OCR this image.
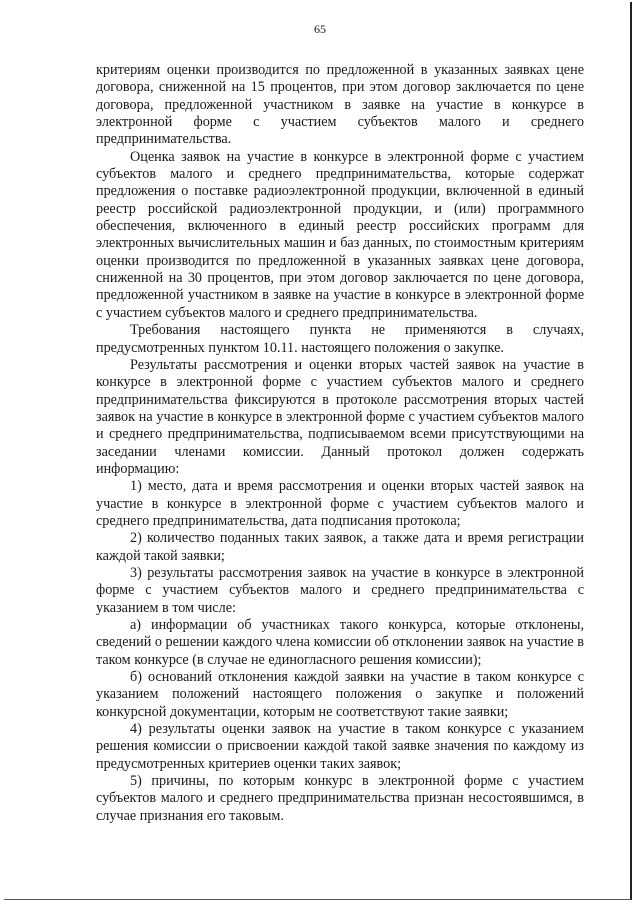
65

критериям оценки производится по предложенной в указанных заявках цене договора, сниженной на 15 процентов, при этом договор заключается по цене договора, предложенной участником в заявке на участие в конкурсе в электронной форме с участием субъектов малого и среднего предпринимательства.

Оценка заявок на участие в конкурсе в электронной форме с участием субъектов малого и среднего предпринимательства, которые содержат предложения о поставке радиоэлектронной продукции, включенной в единый реестр российской радиоэлектронной продукции, и (или) программного обеспечения, включенного в единый реестр российских программ для электронных вычислительных машин и баз данных, по стоимостным критериям оценки производится по предложенной в указанных заявках цене договора, сниженной на 30 процентов, при этом договор заключается по цене договора, предложенной участником в заявке на участие в конкурсе в электронной форме с участием субъектов малого и среднего предпринимательства.

Требования настоящего пункта не применяются в случаях, предусмотренных пунктом 10.11. настоящего положения о закупке.

Результаты рассмотрения и оценки вторых частей заявок на участие в конкурсе в электронной форме с участием субъектов малого и среднего предпринимательства фиксируются в протоколе рассмотрения вторых частей заявок на участие в конкурсе в электронной форме с участием субъектов малого и среднего предпринимательства, подписываемом всеми присутствующими на заседании членами комиссии. Данный протокол должен содержать информацию:

1) место, дата и время рассмотрения и оценки вторых частей заявок на участие в конкурсе в электронной форме с участием субъектов малого и среднего предпринимательства, дата подписания протокола;

2) количество поданных таких заявок, а также дата и время регистрации каждой такой заявки;

3) результаты рассмотрения заявок на участие в конкурсе в электронной форме с участием субъектов малого и среднего предпринимательства с указанием в том числе:

а) информации об участниках такого конкурса, которые отклонены, сведений о решении каждого члена комиссии об отклонении заявок на участие в таком конкурсе (в случае не единогласного решения комиссии);

б) оснований отклонения каждой заявки на участие в таком конкурсе с указанием положений настоящего положения о закупке и положений конкурсной документации, которым не соответствуют такие заявки;

4) результаты оценки заявок на участие в таком конкурсе с указанием решения комиссии о присвоении каждой такой заявке значения по каждому из предусмотренных критериев оценки таких заявок;

5) причины, по которым конкурс в электронной форме с участием субъектов малого и среднего предпринимательства признан несостоявшимся, в случае признания его таковым.
